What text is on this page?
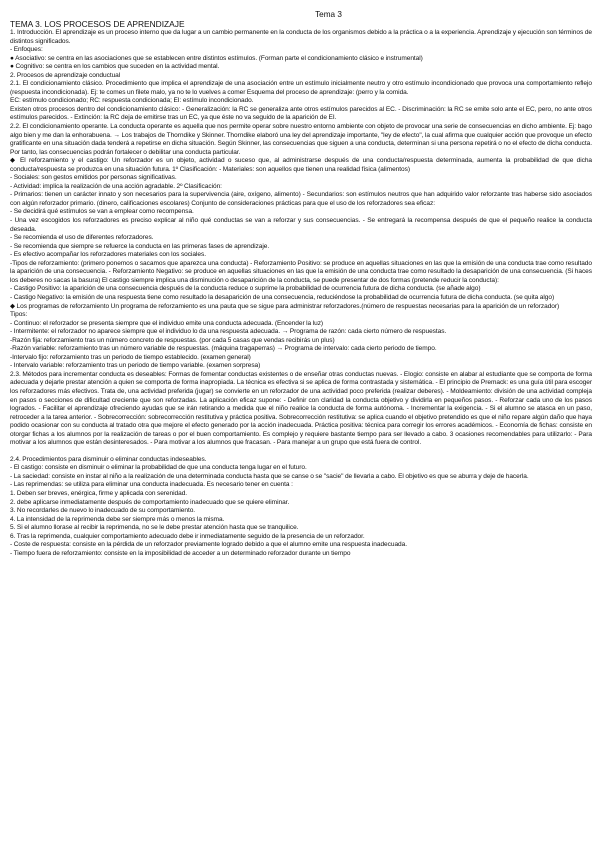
Tema 3
TEMA 3. LOS PROCESOS DE APRENDIZAJE

1. Introducción. El aprendizaje es un proceso interno que da lugar a un cambio permanente en la conducta de los organismos debido a la práctica o a la experiencia. Aprendizaje y ejecución son términos de distintos significados.

- Enfoques:

● Asociativo: se centra en las asociaciones que se establecen entre distintos estímulos. (Forman parte el condicionamiento clásico e instrumental)

● Cognitivo: se centra en los cambios que suceden en la actividad mental.

2. Procesos de aprendizaje conductual

2.1. El condicionamiento clásico. Procedimiento que implica el aprendizaje de una asociación entre un estímulo inicialmente neutro y otro estímulo incondicionado que provoca una comportamiento reflejo (respuesta incondicionada). Ej: te comes un filete malo, ya no te lo vuelves a comer Esquema del proceso de aprendizaje: (perro y la comida.

EC: estímulo condicionado; RC: respuesta condicionada; EI: estímulo incondicionado.

Existen otros procesos dentro del condicionamiento clásico: - Generalización: la RC se generaliza ante otros estímulos parecidos al EC. - Discriminación: la RC se emite solo ante el EC, pero, no ante otros estímulos parecidos. - Extinción: la RC deja de emitirse tras un EC, ya que éste no va seguido de la aparición de EI.

2.2. El condicionamiento operante. La conducta operante es aquella que nos permite operar sobre nuestro entorno ambiente con objeto de provocar una serie de consecuencias en dicho ambiente. Ej: bago algo bien y me dan la enhorabuena. → Los trabajos de Thorndike y Skinner. Thorndike elaboró una ley del aprendizaje importante, "ley de efecto", la cual afirma que cualquier acción que provoque un efecto gratificante en una situación dada tenderá a repetirse en dicha situación. Según Skinner, las consecuencias que siguen a una conducta, determinan si una persona repetirá o no el efecto de dicha conducta. Por tanto, las consecuencias podrán fortalecer o debilitar una conducta particular.

◆ El reforzamiento y el castigo: Un reforzador es un objeto, actividad o suceso que, al administrarse después de una conducta/respuesta determinada, aumenta la probabilidad de que dicha conducta/respuesta se produzca en una situación futura. 1º Clasificación: - Materiales: son aquellos que tienen una realidad física (alimentos)

- Sociales: son gestos emitidos por personas significativas.

- Actividad: implica la realización de una acción agradable. 2º Clasificación:

- Primarios: tienen un carácter innato y son necesarios para la supervivencia (aire, oxígeno, alimento) - Secundarios: son estímulos neutros que han adquirido valor reforzante tras haberse sido asociados con algún reforzador primario. (dinero, calificaciones escolares) Conjunto de consideraciones prácticas para que el uso de los reforzadores sea eficaz:

- Se decidirá qué estímulos se van a emplear como recompensa.

- Una vez escogidos los reforzadores es preciso explicar al niño qué conductas se van a reforzar y sus consecuencias. - Se entregará la recompensa después de que el pequeño realice la conducta deseada.

- Se recomienda el uso de diferentes reforzadores.

- Se recomienda que siempre se refuerce la conducta en las primeras fases de aprendizaje.

- Es efectivo acompañar los reforzadores materiales con los sociales.

-Tipos de reforzamiento: (primero ponemos o sacamos que aparezca una conducta) - Reforzamiento Positivo: se produce en aquellas situaciones en las que la emisión de una conducta trae como resultado la aparición de una consecuencia. - Reforzamiento Negativo: se produce en aquellas situaciones en las que la emisión de una conducta trae como resultado la desaparición de una consecuencia. (Si haces los deberes no sacas la basura) El castigo siempre implica una disminución o desaparición de la conducta, se puede presentar de dos formas (pretende reducir la conducta):

- Castigo Positivo: la aparición de una consecuencia después de la conducta reduce o suprime la probabilidad de ocurrencia futura de dicha conducta. (se añade algo)

- Castigo Negativo: la emisión de una respuesta tiene como resultado la desaparición de una consecuencia, reduciéndose la probabilidad de ocurrencia futura de dicha conducta. (se quita algo)

◆ Los programas de reforzamiento Un programa de reforzamiento es una pauta que se sigue para administrar reforzadores.(número de respuestas necesarias para la aparición de un reforzador)

Tipos:

- Continuo: el reforzador se presenta siempre que el individuo emite una conducta adecuada. (Encender la luz)

- Intermitente: el reforzador no aparece siempre que el individuo lo da una respuesta adecuada. → Programa de razón: cada cierto número de respuestas.

-Razón fija: reforzamiento tras un número concreto de respuestas. (por cada 5 casas que vendas recibirás un plus)

-Razón variable: reforzamiento tras un número variable de respuestas. (máquina tragaperras) → Programa de intervalo: cada cierto periodo de tiempo.

-Intervalo fijo: reforzamiento tras un periodo de tiempo establecido. (examen general)

- Intervalo variable: reforzamiento tras un periodo de tiempo variable. (examen sorpresa)

2.3. Métodos para incrementar conducta es deseables: Formas de fomentar conductas existentes o de enseñar otras conductas nuevas. - Elogio: consiste en alabar al estudiante que se comporta de forma adecuada y dejarle prestar atención a quien se comporta de forma inapropiada. La técnica es efectiva si se aplica de forma contrastada y sistemática. - El principio de Premack: es una guía útil para escoger los reforzadores más efectivos. Trata de, una actividad preferida (jugar) se convierte en un reforzador de una actividad poco preferida (realizar deberes). - Moldeamiento: división de una actividad compleja en pasos o secciones de dificultad creciente que son reforzadas. La aplicación eficaz supone: - Definir con claridad la conducta objetivo y dividirla en pequeños pasos. - Reforzar cada uno de los pasos logrados. - Facilitar el aprendizaje ofreciendo ayudas que se irán retirando a medida que el niño realice la conducta de forma autónoma. - Incrementar la exigencia. - Si el alumno se atasca en un paso, retroceder a la tarea anterior. - Sobrecorrección: sobrecorrección restitutiva y práctica positiva. Sobrecorrección restitutiva: se aplica cuando el objetivo pretendido es que el niño repare algún daño que haya podido ocasionar con su conducta al tratado otra que mejore el efecto generado por la acción inadecuada. Práctica positiva: técnica para corregir los errores académicos. - Economía de fichas: consiste en otorgar fichas a los alumnos por la realización de tareas o por el buen comportamiento. Es complejo y requiere bastante tiempo para ser llevado a cabo. 3 ocasiones recomendables para utilizarlo: - Para motivar a los alumnos que están desinteresados. - Para motivar a los alumnos que fracasan. - Para manejar a un grupo que está fuera de control.

2.4. Procedimientos para disminuir o eliminar conductas indeseables.

- El castigo: consiste en disminuir o eliminar la probabilidad de que una conducta tenga lugar en el futuro.

- La saciedad: consiste en instar al niño a la realización de una determinada conducta hasta que se canse o se "sacie" de llevarla a cabo. El objetivo es que se aburra y deje de hacerla.

- Las reprimendas: se utiliza para eliminar una conducta inadecuada. Es necesario tener en cuenta :

1. Deben ser breves, enérgica, firme y aplicada con serenidad.

2. debe aplicarse inmediatamente después de comportamiento inadecuado que se quiere eliminar.

3. No recordarles de nuevo lo inadecuado de su comportamiento.

4. La intensidad de la reprimenda debe ser siempre más o menos la misma.

5. Si el alumno llorase al recibir la reprimenda, no se le debe prestar atención hasta que se tranquilice.

6. Tras la reprimenda, cualquier comportamiento adecuado debe ir inmediatamente seguido de la presencia de un reforzador.

- Coste de respuesta: consiste en la pérdida de un reforzador previamente logrado debido a que el alumno emite una respuesta inadecuada.

- Tiempo fuera de reforzamiento: consiste en la imposibilidad de acceder a un determinado reforzador durante un tiempo
